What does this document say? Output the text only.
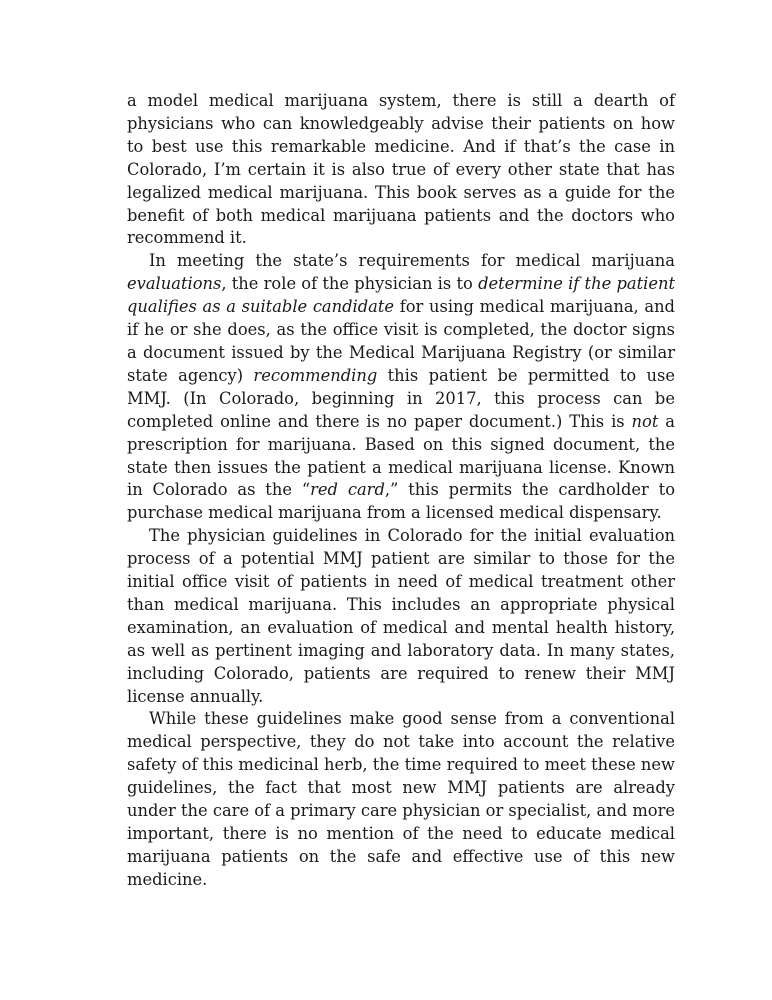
a model medical marijuana system, there is still a dearth of physicians who can knowledgeably advise their patients on how to best use this remarkable medicine. And if that’s the case in Colorado, I’m certain it is also true of every other state that has legalized medical marijuana. This book serves as a guide for the benefit of both medical marijuana patients and the doctors who recommend it.

In meeting the state’s requirements for medical marijuana evaluations, the role of the physician is to determine if the patient qualifies as a suitable candidate for using medical marijuana, and if he or she does, as the office visit is completed, the doctor signs a document issued by the Medical Marijuana Registry (or similar state agency) recommending this patient be permitted to use MMJ. (In Colorado, beginning in 2017, this process can be completed online and there is no paper document.) This is not a prescription for marijuana. Based on this signed document, the state then issues the patient a medical marijuana license. Known in Colorado as the “red card,” this permits the cardholder to purchase medical marijuana from a licensed medical dispensary.

The physician guidelines in Colorado for the initial evaluation process of a potential MMJ patient are similar to those for the initial office visit of patients in need of medical treatment other than medical marijuana. This includes an appropriate physical examination, an evaluation of medical and mental health history, as well as pertinent imaging and laboratory data. In many states, including Colorado, patients are required to renew their MMJ license annually.

While these guidelines make good sense from a conventional medical perspective, they do not take into account the relative safety of this medicinal herb, the time required to meet these new guidelines, the fact that most new MMJ patients are already under the care of a primary care physician or specialist, and more important, there is no mention of the need to educate medical marijuana patients on the safe and effective use of this new medicine.
